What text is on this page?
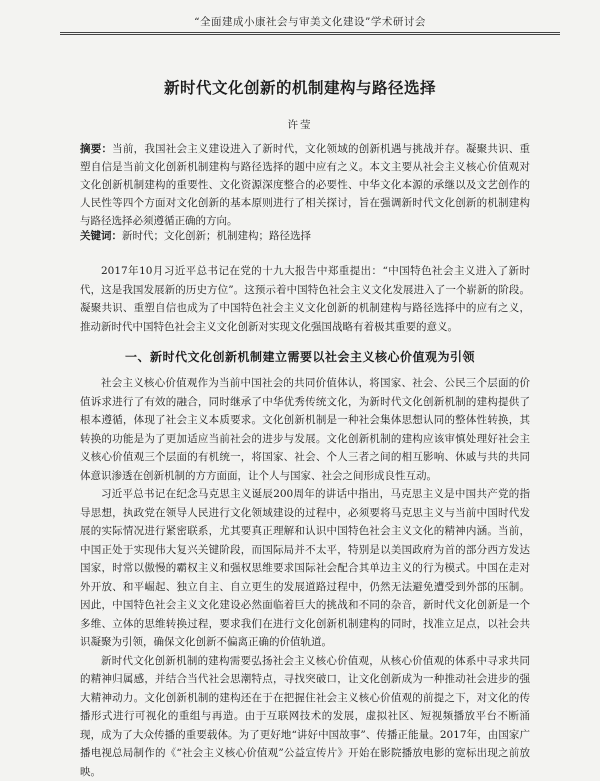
“全面建成小康社会与审美文化建设”学术研讨会
新时代文化创新的机制建构与路径选择
许莹
摘要：当前，我国社会主义建设进入了新时代，文化领域的创新机遇与挑战并存。凝聚共识、重塑自信是当前文化创新机制建构与路径选择的题中应有之义。本文主要从社会主义核心价值观对文化创新机制建构的重要性、文化资源深度整合的必要性、中华文化本源的承继以及文艺创作的人民性等四个方面对文化创新的基本原则进行了相关探讨，旨在强调新时代文化创新的机制建构与路径选择必须遵循正确的方向。
关键词：新时代；文化创新；机制建构；路径选择
2017年10月习近平总书记在党的十九大报告中郑重提出：“中国特色社会主义进入了新时代，这是我国发展新的历史方位”。这预示着中国特色社会主义文化发展进入了一个崭新的阶段。凝聚共识、重塑自信也成为了中国特色社会主义文化创新的机制建构与路径选择中的应有之义，推动新时代中国特色社会主义文化创新对实现文化强国战略有着极其重要的意义。
一、新时代文化创新机制建立需要以社会主义核心价值观为引领

社会主义核心价值观作为当前中国社会的共同价值体认，将国家、社会、公民三个层面的价值诉求进行了有效的融合，同时继承了中华优秀传统文化，为新时代文化创新机制的建构提供了根本遵循，体现了社会主义本质要求。文化创新机制是一种社会集体思想认同的整体性转换，其转换的功能是为了更加适应当前社会的进步与发展。文化创新机制的建构应该审慎处理好社会主义核心价值观三个层面的有机统一，将国家、社会、个人三者之间的相互影响、休戚与共的共同体意识渗透在创新机制的方方面面，让个人与国家、社会之间形成良性互动。

习近平总书记在纪念马克思主义诞辰200周年的讲话中指出，马克思主义是中国共产党的指导思想，执政党在领导人民进行文化领域建设的过程中，必须要将马克思主义与当前中国时代发展的实际情况进行紧密联系，尤其要真正理解和认识中国特色社会主义文化的精神内涵。当前，中国正处于实现伟大复兴关键阶段，而国际局并不太平，特别是以美国政府为首的部分西方发达国家，时常以傲慢的霸权主义和强权思维要求国际社会配合其单边主义的行为模式。中国在走对外开放、和平崛起、独立自主、自立更生的发展道路过程中，仍然无法避免遭受到外部的压制。因此，中国特色社会主义文化建设必然面临着巨大的挑战和不同的杂音，新时代文化创新是一个多维、立体的思维转换过程，要求我们在进行文化创新机制建构的同时，找准立足点，以社会共识凝聚为引领，确保文化创新不偏离正确的价值轨道。

新时代文化创新机制的建构需要弘扬社会主义核心价值观，从核心价值观的体系中寻求共同的精神归属感，并结合当代社会思潮特点，寻找突破口，让文化创新成为一种推动社会进步的强大精神动力。文化创新机制的建构还在于在把握住社会主义核心价值观的前提之下，对文化的传播形式进行可视化的重组与再造。由于互联网技术的发展，虚拟社区、短视频播放平台不断涌现，成为了大众传播的重要载体。为了更好地“讲好中国故事”、传播正能量。2017年，由国家广播电视总局制作的《“社会主义核心价值观”公益宣传片》开始在影院播放电影的宽标出现之前放映。
